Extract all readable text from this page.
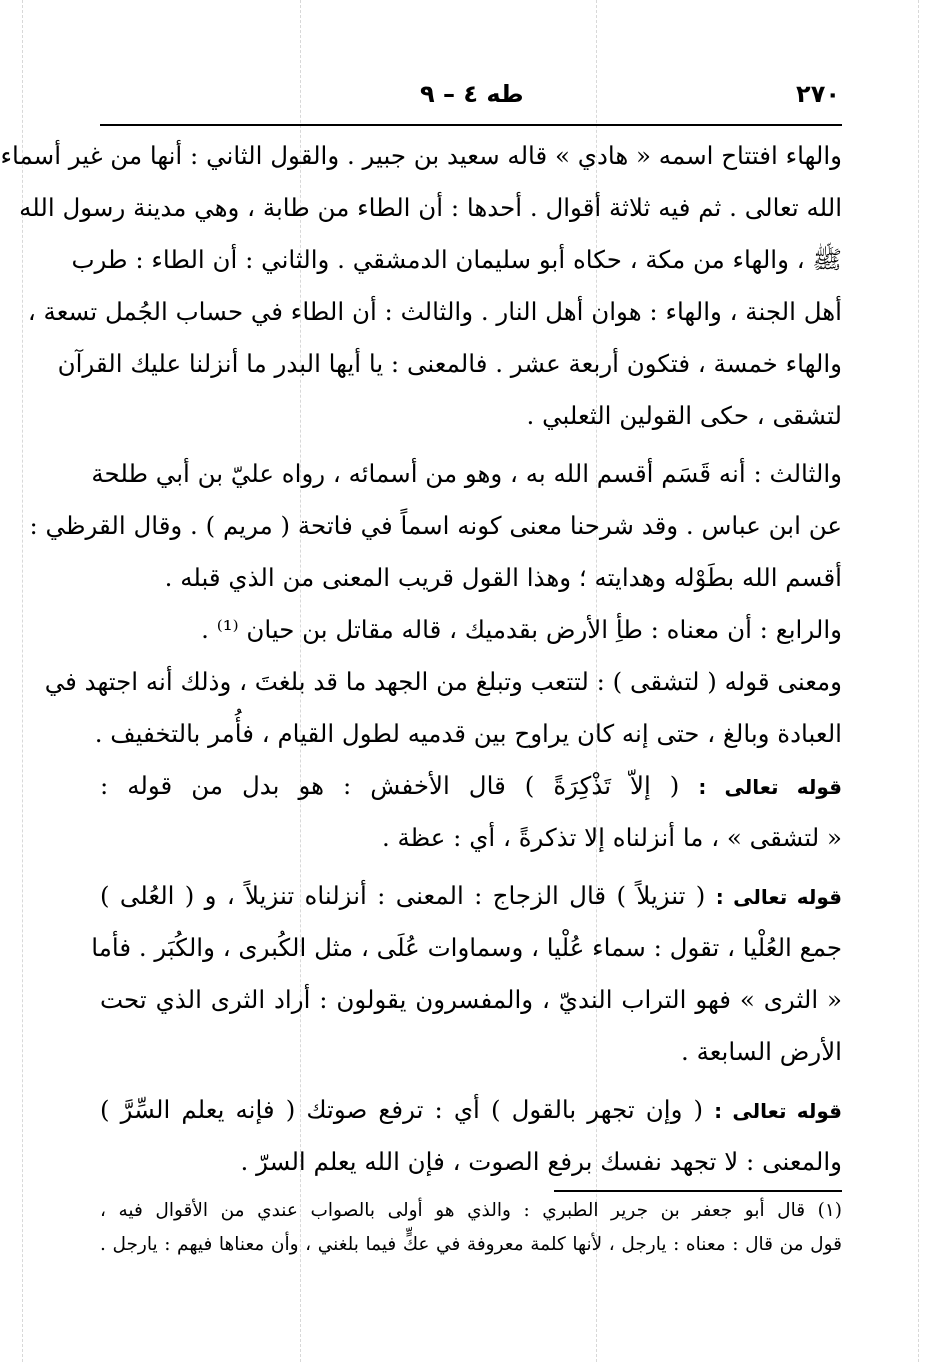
٢٧٠
طه ٤ – ٩
والهاء افتتاح اسمه « هادي » قاله سعيد بن جبير . والقول الثاني : أنها من غير أسماء
الله تعالى . ثم فيه ثلاثة أقوال . أحدها : أن الطاء من طابة ، وهي مدينة رسول الله
ﷺ ، والهاء من مكة ، حكاه أبو سليمان الدمشقي . والثاني : أن الطاء : طرب
أهل الجنة ، والهاء : هوان أهل النار . والثالث : أن الطاء في حساب الجُمل تسعة ،
والهاء خمسة ، فتكون أربعة عشر . فالمعنى : يا أيها البدر ما أنزلنا عليك القرآن
لتشقى ، حكى القولين الثعلبي .
والثالث : أنه قَسَم أقسم الله به ، وهو من أسمائه ، رواه عليّ بن أبي طلحة
عن ابن عباس . وقد شرحنا معنى كونه اسماً في فاتحة ( مريم ) . وقال القرظي :
أقسم الله بطَوْله وهدايته ؛ وهذا القول قريب المعنى من الذي قبله .
والرابع : أن معناه : طأِ الأرض بقدميك ، قاله مقاتل بن حيان ⁽¹⁾ .
ومعنى قوله ( لتشقى ) : لتتعب وتبلغ من الجهد ما قد بلغتَ ، وذلك أنه اجتهد في
العبادة وبالغ ، حتى إنه كان يراوح بين قدميه لطول القيام ، فأُمر بالتخفيف .
قوله تعالى : ( إلاّ تَذْكِرَةً ) قال الأخفش : هو بدل من قوله :
« لتشقى » ، ما أنزلناه إلا تذكرةً ، أي : عظة .
قوله تعالى : ( تنزيلاً ) قال الزجاج : المعنى : أنزلناه تنزيلاً ، و ( العُلى )
جمع العُلْيا ، تقول : سماء عُلْيا ، وسماوات عُلَى ، مثل الكُبرى ، والكُبَر . فأما
« الثرى » فهو التراب النديّ ، والمفسرون يقولون : أراد الثرى الذي تحت
الأرض السابعة .
قوله تعالى : ( وإن تجهر بالقول ) أي : ترفع صوتك ( فإنه يعلم السِّرَّ )
والمعنى : لا تجهد نفسك برفع الصوت ، فإن الله يعلم السرّ .
(١) قال أبو جعفر بن جرير الطبري : والذي هو أولى بالصواب عندي من الأقوال فيه ،
قول من قال : معناه : يارجل ، لأنها كلمة معروفة في عكٍّ فيما بلغني ، وأن معناها فيهم : يارجل .
